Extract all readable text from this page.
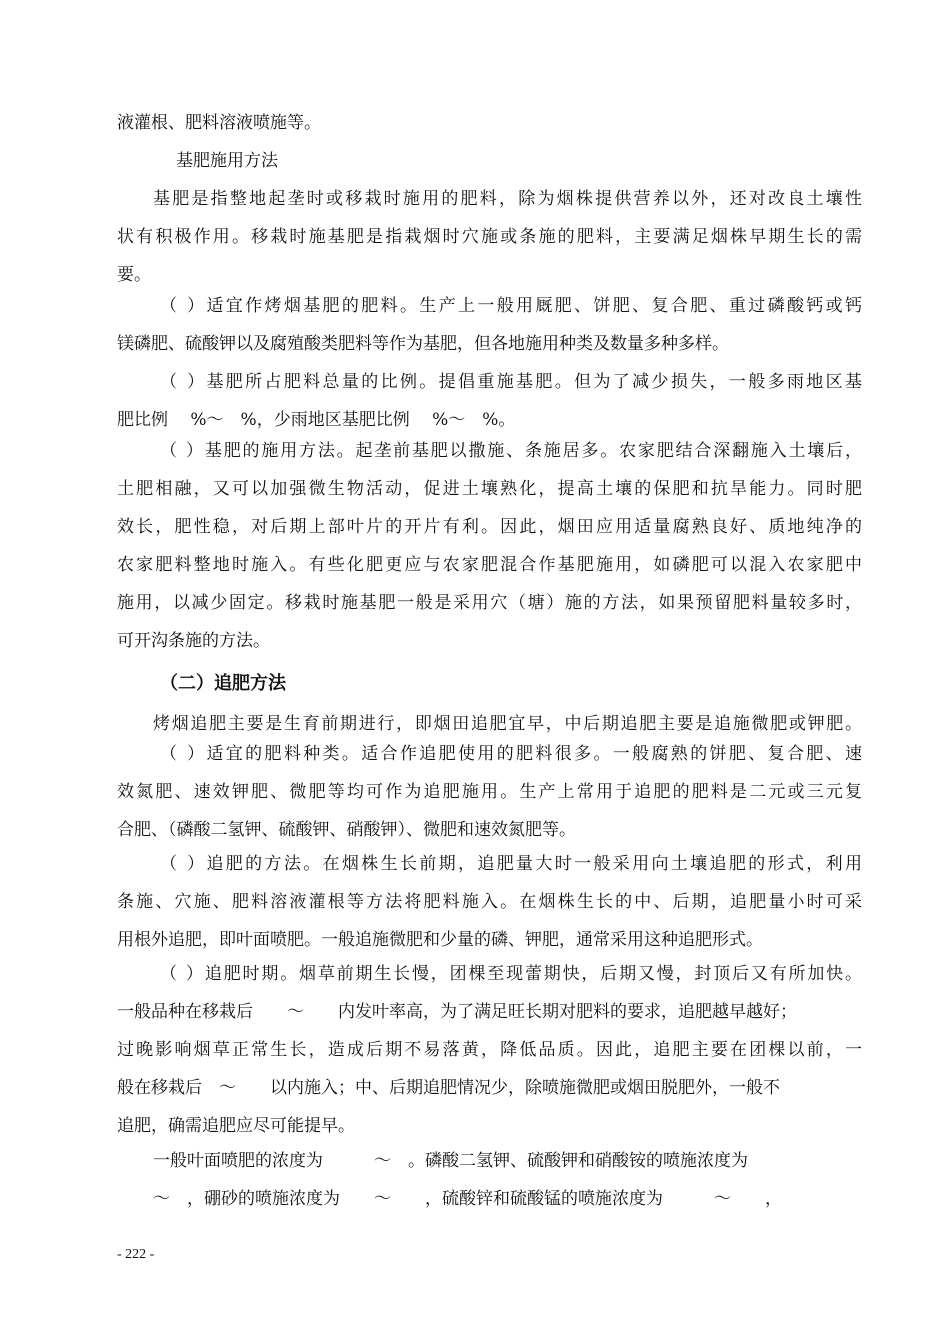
液灌根、肥料溶液喷施等。
基肥施用方法
基肥是指整地起垄时或移栽时施用的肥料，除为烟株提供营养以外，还对改良土壤性
状有积极作用。移栽时施基肥是指栽烟时穴施或条施的肥料，主要满足烟株早期生长的需
要。
（ ）适宜作烤烟基肥的肥料。生产上一般用厩肥、饼肥、复合肥、重过磷酸钙或钙
镁磷肥、硫酸钾以及腐殖酸类肥料等作为基肥，但各地施用种类及数量多种多样。
（ ）基肥所占肥料总量的比例。提倡重施基肥。但为了减少损失，一般多雨地区基
肥比例　 %～　%，少雨地区基肥比例　 %～　%。
（ ）基肥的施用方法。起垄前基肥以撒施、条施居多。农家肥结合深翻施入土壤后，
土肥相融，又可以加强微生物活动，促进土壤熟化，提高土壤的保肥和抗旱能力。同时肥
效长，肥性稳，对后期上部叶片的开片有利。因此，烟田应用适量腐熟良好、质地纯净的
农家肥料整地时施入。有些化肥更应与农家肥混合作基肥施用，如磷肥可以混入农家肥中
施用，以减少固定。移栽时施基肥一般是采用穴（塘）施的方法，如果预留肥料量较多时，
可开沟条施的方法。
（二）追肥方法
烤烟追肥主要是生育前期进行，即烟田追肥宜早，中后期追肥主要是追施微肥或钾肥。
（ ）适宜的肥料种类。适合作追肥使用的肥料很多。一般腐熟的饼肥、复合肥、速
效氮肥、速效钾肥、微肥等均可作为追肥施用。生产上常用于追肥的肥料是二元或三元复
合肥、（磷酸二氢钾、硫酸钾、硝酸钾）、微肥和速效氮肥等。
（ ）追肥的方法。在烟株生长前期，追肥量大时一般采用向土壤追肥的形式，利用
条施、穴施、肥料溶液灌根等方法将肥料施入。在烟株生长的中、后期，追肥量小时可采
用根外追肥，即叶面喷肥。一般追施微肥和少量的磷、钾肥，通常采用这种追肥形式。
（ ）追肥时期。烟草前期生长慢，团棵至现蕾期快，后期又慢，封顶后又有所加快。
一般品种在移栽后　　～　　内发叶率高，为了满足旺长期对肥料的要求，追肥越早越好；
过晚影响烟草正常生长，造成后期不易落黄，降低品质。因此，追肥主要在团棵以前，一
般在移栽后　～　　以内施入；中、后期追肥情况少，除喷施微肥或烟田脱肥外，一般不
追肥，确需追肥应尽可能提早。
一般叶面喷肥的浓度为　　　～　。磷酸二氢钾、硫酸钾和硝酸铵的喷施浓度为
～　，硼砂的喷施浓度为　　～　　，硫酸锌和硫酸锰的喷施浓度为　　　～　　，
- 222 -
